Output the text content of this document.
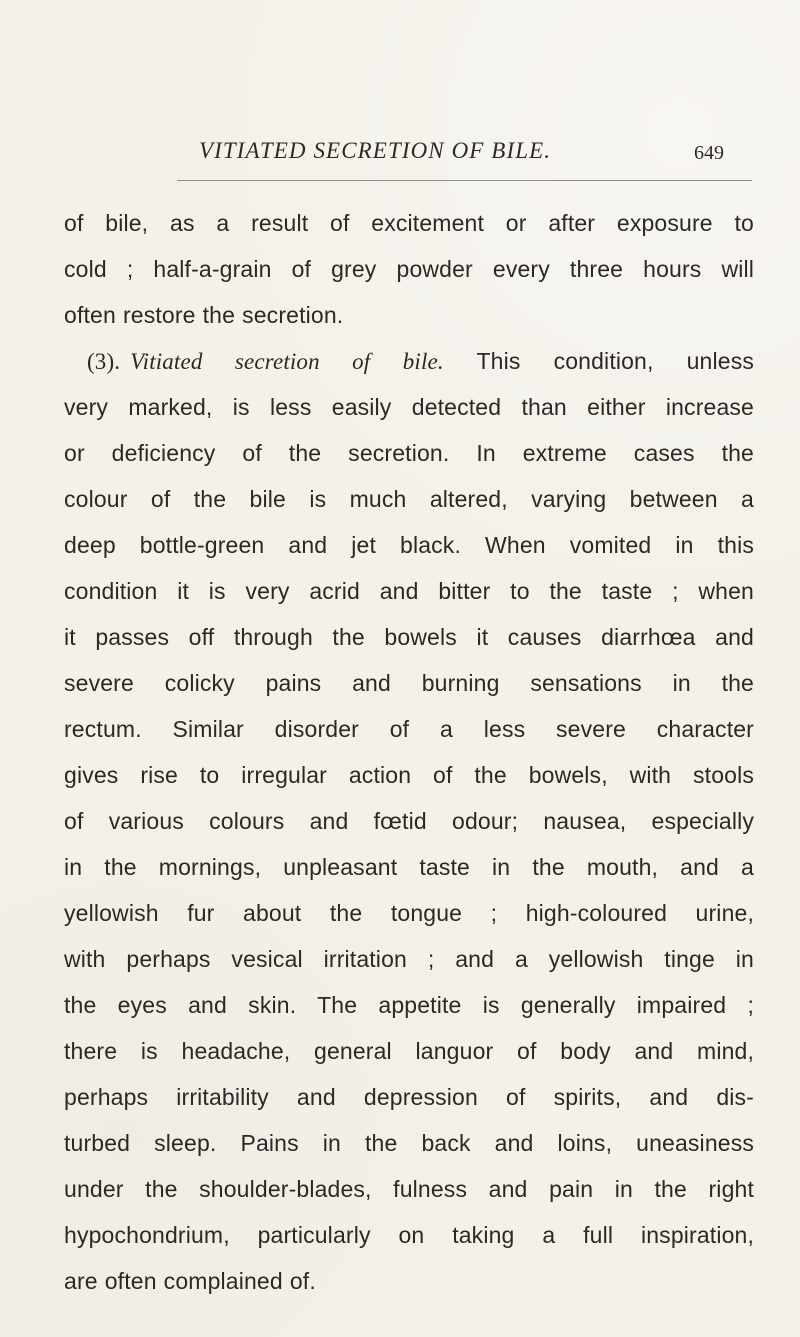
VITIATED SECRETION OF BILE.	649
of bile, as a result of excitement or after exposure to
cold ; half-a-grain of grey powder every three hours will
often restore the secretion.
(3). Vitiated secretion of bile. This condition, unless
very marked, is less easily detected than either increase
or deficiency of the secretion. In extreme cases the
colour of the bile is much altered, varying between a
deep bottle-green and jet black. When vomited in this
condition it is very acrid and bitter to the taste ; when
it passes off through the bowels it causes diarrhœa and
severe colicky pains and burning sensations in the
rectum. Similar disorder of a less severe character
gives rise to irregular action of the bowels, with stools
of various colours and fœtid odour; nausea, especially
in the mornings, unpleasant taste in the mouth, and a
yellowish fur about the tongue ; high-coloured urine,
with perhaps vesical irritation ; and a yellowish tinge in
the eyes and skin. The appetite is generally impaired ;
there is headache, general languor of body and mind,
perhaps irritability and depression of spirits, and dis-
turbed sleep. Pains in the back and loins, uneasiness
under the shoulder-blades, fulness and pain in the right
hypochondrium, particularly on taking a full inspiration,
are often complained of.
